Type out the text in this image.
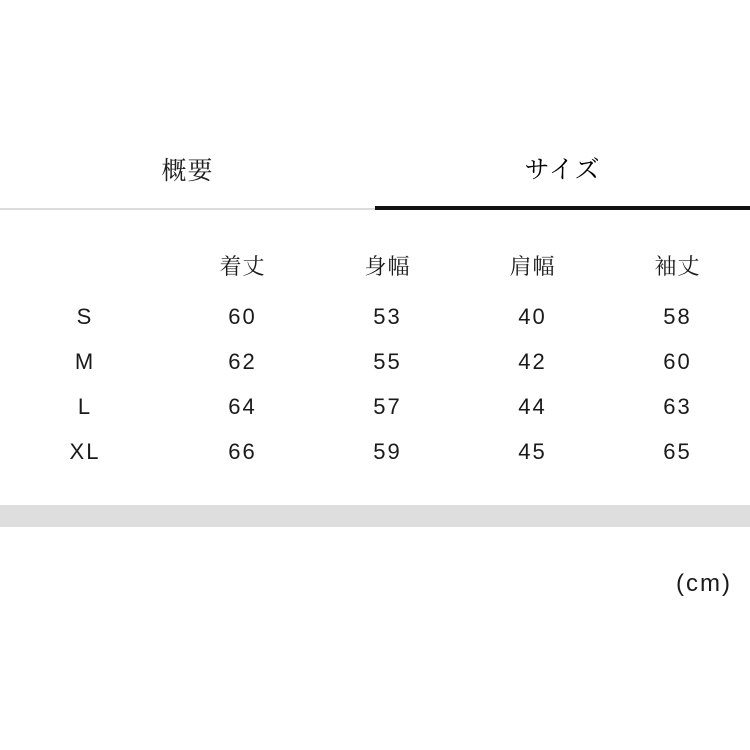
概要	サイズ
	着丈	身幅	肩幅	袖丈
S	60	53	40	58
M	62	55	42	60
L	64	57	44	63
XL	66	59	45	65
(cm)
